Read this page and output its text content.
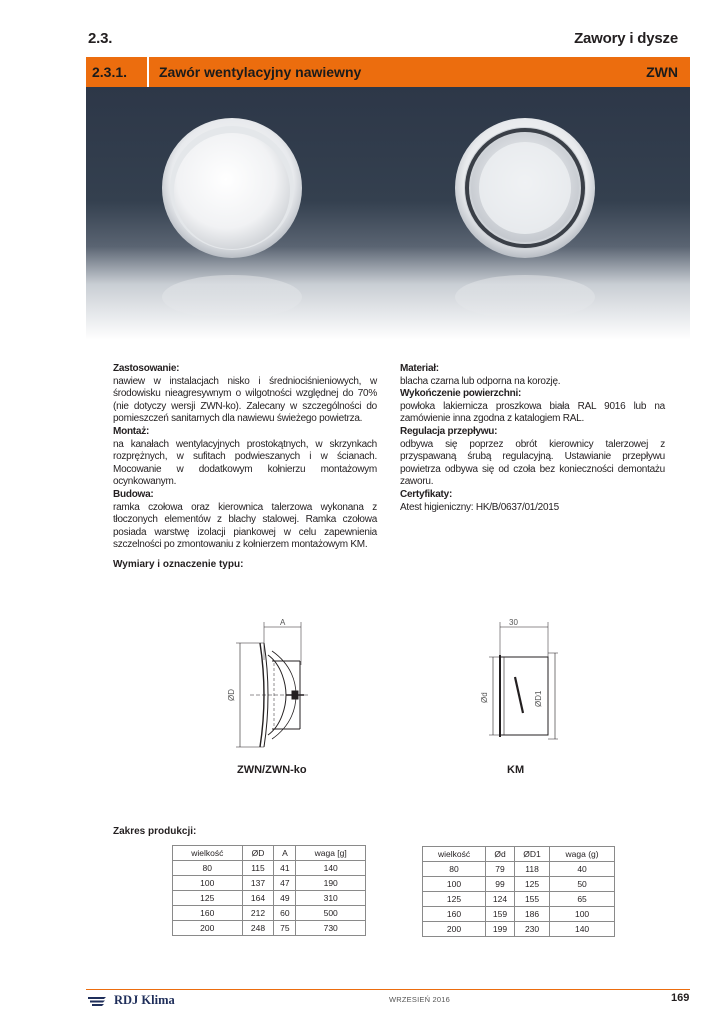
2.3.	Zawory i dysze
2.3.1. Zawór wentylacyjny nawiewny	ZWN
Zastosowanie:
nawiew w instalacjach nisko i średniociśnieniowych, w środowisku nieagresywnym o wilgotności względnej do 70% (nie dotyczy wersji ZWN-ko). Zalecany w szczególności do pomieszczeń sanitarnych dla nawiewu świeżego powietrza.
Montaż:
na kanałach wentylacyjnych prostokątnych, w skrzynkach rozprężnych, w sufitach podwieszanych i w ścianach. Mocowanie w dodatkowym kołnierzu montażowym ocynkowanym.
Budowa:
ramka czołowa oraz kierownica talerzowa wykonana z tłoczonych elementów z blachy stalowej. Ramka czołowa posiada warstwę izolacji piankowej w celu zapewnienia szczelności po zmontowaniu z kołnierzem montażowym KM.
Materiał:
blacha czarna lub odporna na korozję.
Wykończenie powierzchni:
powłoka lakiernicza proszkowa biała RAL 9016 lub na zamówienie inna zgodna z katalogiem RAL.
Regulacja przepływu:
odbywa się poprzez obrót kierownicy talerzowej z przyspawaną śrubą regulacyjną. Ustawianie przepływu powietrza odbywa się od czoła bez konieczności demontażu zaworu.
Certyfikaty:
Atest higieniczny: HK/B/0637/01/2015
Wymiary i oznaczenie typu:
A
ØD
30
Ød	ØD1
ZWN/ZWN-ko	KM
Zakres produkcji:
wielkość	ØD	A	waga [g]
80	115	41	140
100	137	47	190
125	164	49	310
160	212	60	500
200	248	75	730
wielkość	Ød	ØD1	waga (g)
80	79	118	40
100	99	125	50
125	124	155	65
160	159	186	100
200	199	230	140
RDJ Klima	WRZESIEŃ 2016	169
